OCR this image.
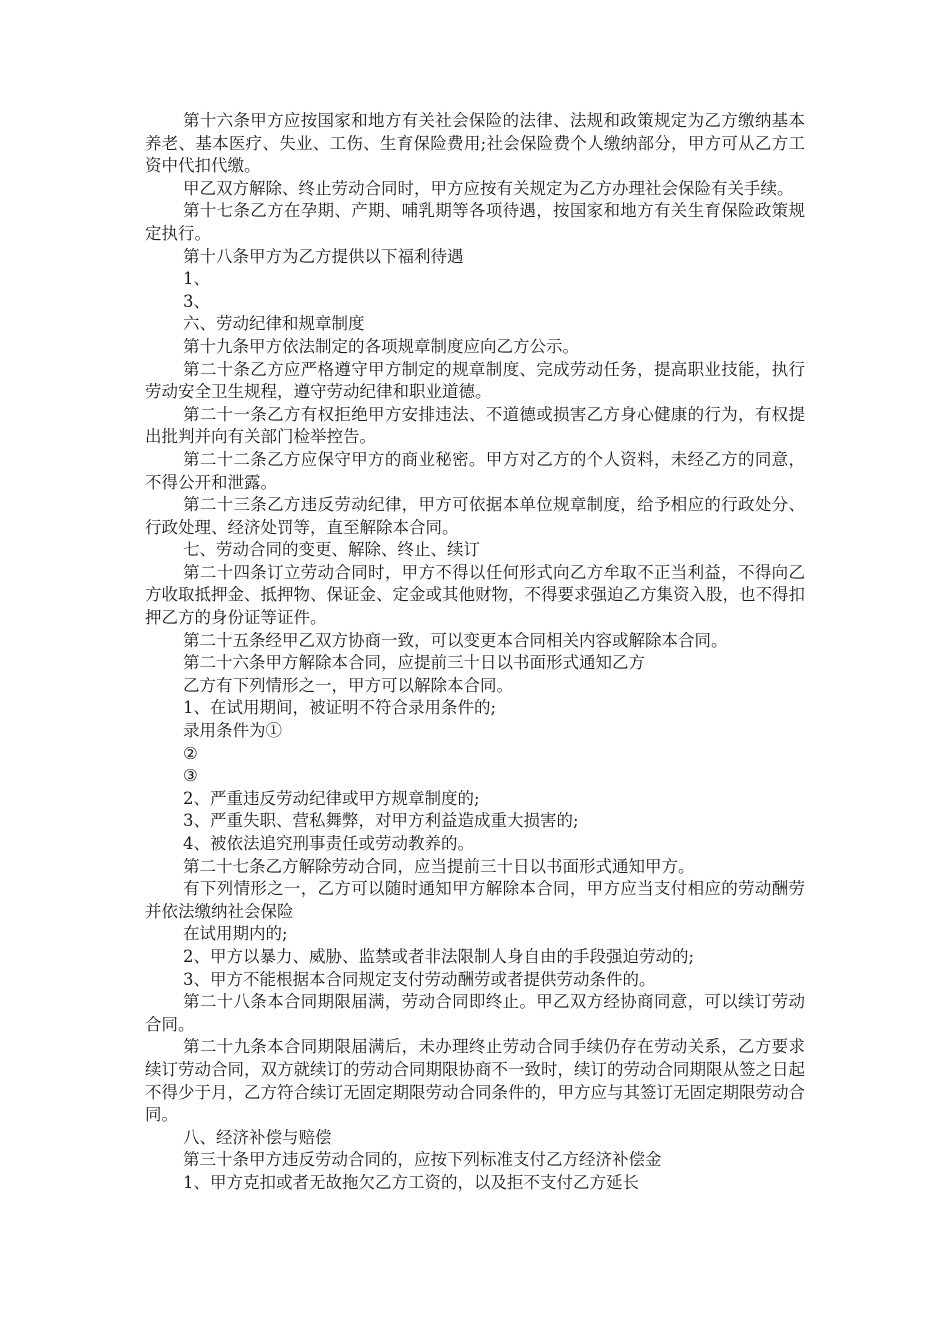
第十六条甲方应按国家和地方有关社会保险的法律、法规和政策规定为乙方缴纳基本养老、基本医疗、失业、工伤、生育保险费用;社会保险费个人缴纳部分，甲方可从乙方工资中代扣代缴。

甲乙双方解除、终止劳动合同时，甲方应按有关规定为乙方办理社会保险有关手续。

第十七条乙方在孕期、产期、哺乳期等各项待遇，按国家和地方有关生育保险政策规定执行。

第十八条甲方为乙方提供以下福利待遇

1、

3、

六、劳动纪律和规章制度

第十九条甲方依法制定的各项规章制度应向乙方公示。

第二十条乙方应严格遵守甲方制定的规章制度、完成劳动任务，提高职业技能，执行劳动安全卫生规程，遵守劳动纪律和职业道德。

第二十一条乙方有权拒绝甲方安排违法、不道德或损害乙方身心健康的行为，有权提出批判并向有关部门检举控告。

第二十二条乙方应保守甲方的商业秘密。甲方对乙方的个人资料，未经乙方的同意，不得公开和泄露。

第二十三条乙方违反劳动纪律，甲方可依据本单位规章制度，给予相应的行政处分、行政处理、经济处罚等，直至解除本合同。

七、劳动合同的变更、解除、终止、续订

第二十四条订立劳动合同时，甲方不得以任何形式向乙方牟取不正当利益，不得向乙方收取抵押金、抵押物、保证金、定金或其他财物，不得要求强迫乙方集资入股，也不得扣押乙方的身份证等证件。

第二十五条经甲乙双方协商一致，可以变更本合同相关内容或解除本合同。

第二十六条甲方解除本合同，应提前三十日以书面形式通知乙方

乙方有下列情形之一，甲方可以解除本合同。

1、在试用期间，被证明不符合录用条件的;

录用条件为①

②

③

2、严重违反劳动纪律或甲方规章制度的;

3、严重失职、营私舞弊，对甲方利益造成重大损害的;

4、被依法追究刑事责任或劳动教养的。

第二十七条乙方解除劳动合同，应当提前三十日以书面形式通知甲方。

有下列情形之一，乙方可以随时通知甲方解除本合同，甲方应当支付相应的劳动酬劳并依法缴纳社会保险

在试用期内的;

2、甲方以暴力、威胁、监禁或者非法限制人身自由的手段强迫劳动的;

3、甲方不能根据本合同规定支付劳动酬劳或者提供劳动条件的。

第二十八条本合同期限届满，劳动合同即终止。甲乙双方经协商同意，可以续订劳动合同。

第二十九条本合同期限届满后，未办理终止劳动合同手续仍存在劳动关系，乙方要求续订劳动合同，双方就续订的劳动合同期限协商不一致时，续订的劳动合同期限从签之日起不得少于月，乙方符合续订无固定期限劳动合同条件的，甲方应与其签订无固定期限劳动合同。

八、经济补偿与赔偿

第三十条甲方违反劳动合同的，应按下列标准支付乙方经济补偿金

1、甲方克扣或者无故拖欠乙方工资的，以及拒不支付乙方延长
